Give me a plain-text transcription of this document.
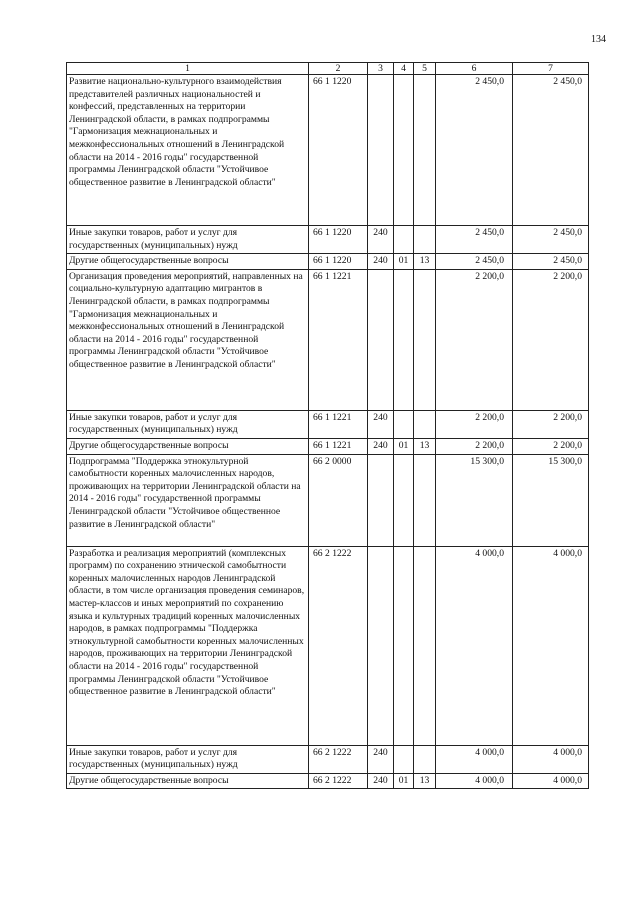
134
1	2	3	4	5	6	7
Развитие национально-культурного взаимодействия представителей различных национальностей и конфессий, представленных на территории Ленинградской области, в рамках подпрограммы "Гармонизация межнациональных и межконфессиональных отношений в Ленинградской области на 2014 - 2016 годы" государственной программы Ленинградской области "Устойчивое общественное развитие в Ленинградской области"	66 1 1220				2 450,0	2 450,0
Иные закупки товаров, работ и услуг для государственных (муниципальных) нужд	66 1 1220	240			2 450,0	2 450,0
Другие общегосударственные вопросы	66 1 1220	240	01	13	2 450,0	2 450,0
Организация проведения мероприятий, направленных на социально-культурную адаптацию мигрантов в Ленинградской области, в рамках подпрограммы "Гармонизация межнациональных и межконфессиональных отношений в Ленинградской области на 2014 - 2016 годы" государственной программы Ленинградской области "Устойчивое общественное развитие в Ленинградской области"	66 1 1221				2 200,0	2 200,0
Иные закупки товаров, работ и услуг для государственных (муниципальных) нужд	66 1 1221	240			2 200,0	2 200,0
Другие общегосударственные вопросы	66 1 1221	240	01	13	2 200,0	2 200,0
Подпрограмма "Поддержка этнокультурной самобытности коренных малочисленных народов, проживающих на территории Ленинградской области на 2014 - 2016 годы" государственной программы Ленинградской области "Устойчивое общественное развитие в Ленинградской области"	66 2 0000				15 300,0	15 300,0
Разработка и реализация мероприятий (комплексных программ) по сохранению этнической самобытности коренных малочисленных народов Ленинградской области, в том числе организация проведения семинаров, мастер-классов и иных мероприятий по сохранению языка и культурных традиций коренных малочисленных народов, в рамках подпрограммы "Поддержка этнокультурной самобытности коренных малочисленных народов, проживающих на территории Ленинградской области на 2014 - 2016 годы" государственной программы Ленинградской области "Устойчивое общественное развитие в Ленинградской области"	66 2 1222				4 000,0	4 000,0
Иные закупки товаров, работ и услуг для государственных (муниципальных) нужд	66 2 1222	240			4 000,0	4 000,0
Другие общегосударственные вопросы	66 2 1222	240	01	13	4 000,0	4 000,0
